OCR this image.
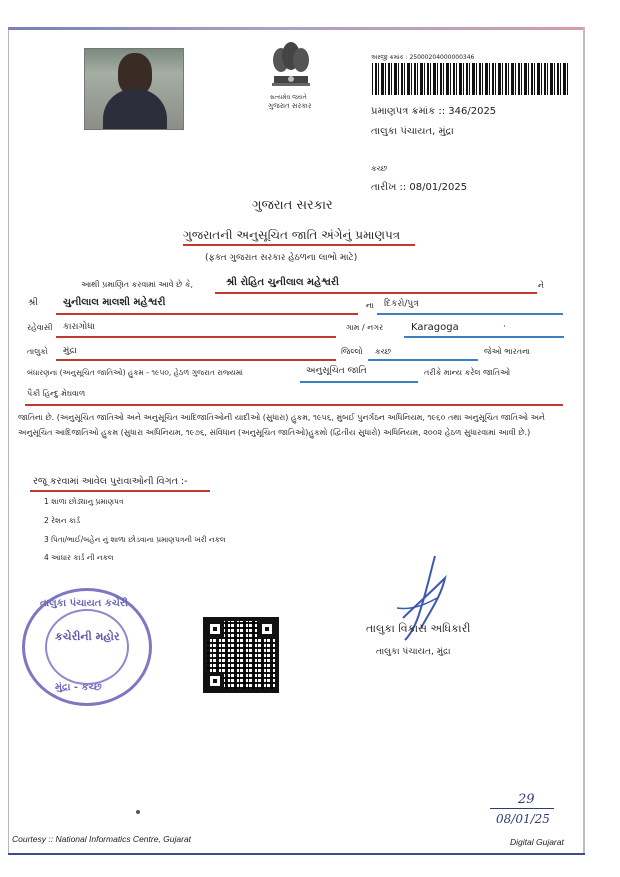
સત્યમેવ જયતે
ગુજરાત સરકાર
અરજી ક્રમાંક : 25000204000000346
પ્રમાણપત્ર ક્રમાંક :: 346/2025
તાલુકા પંચાયત, મુંદ્રા
કચ્છ
તારીખ :: 08/01/2025
ગુજરાત સરકાર
ગુજરાતની અનુસૂચિત જાતિ અંગેનું પ્રમાણપત્ર
(ફક્ત ગુજરાત સરકાર હેઠળના લાભો માટે)
આથી પ્રમાણિત કરવામાં આવે છે કે,	શ્રી રોહિત ચુનીલાલ મહેશ્વરી	ને
શ્રી	ચુનીલાલ માલશી મહેશ્વરી	ના દિકરો/પુત્ર
રહેવાસી કારાગોધા	ગામ / નગર	Karagoga	·
તાલુકો મુંદ્રા	જિલ્લો કચ્છ	જેઓ ભારતના
બંધારણના (અનુસૂચિત જાતિઓ) હુકમ - ૧૯૫૦, હેઠળ ગુજરાત રાજ્યમાં	અનુસૂચિત જાતિ	તરીકે માન્ય કરેલ જાતિઓ
પૈકી હિન્દુ મેઘવાળ
જાતિના છે. (અનુસૂચિત જાતિઓ અને અનુસૂચિત આદિજાતિઓની યાદીઓ (સુધારા) હુકમ, ૧૯૫૬, મુંબઈ પુનર્ગઠન અધિનિયમ, ૧૯૬૦ તથા અનુસૂચિત જાતિઓ અને અનુસૂચિત આદિજાતિઓ હુકમ (સુધારા અધિનિયમ, ૧૯૭૬, સંવિધાન (અનુસૂચિત જાતિઓ)હુકમો (દ્વિતીય સુધારો) અધિનિયમ, ૨૦૦૨ હેઠળ સુધારવામાં આવી છે.)
રજૂ કરવામાં આવેલ પુરાવાઓની વિગત :-
1 શાળા છોડ્યાનુ પ્રમાણપત્ર
2 રેશન કાર્ડ
3 પિતા/ભાઈ/બહેન નું શાળા છોડવાના પ્રમાણપત્રની ખરી નકલ
4 આધાર કાર્ડ ની નકલ
તાલુકા પંચાયત કચેરી
કચેરીની મહોર
મુંદ્રા - કચ્છ
તાલુકા વિકાસ અધિકારી
તાલુકા પંચાયત, મુંદ્રા
29
08/01/25
Courtesy :: National Informatics Centre, Gujarat	Digital Gujarat
